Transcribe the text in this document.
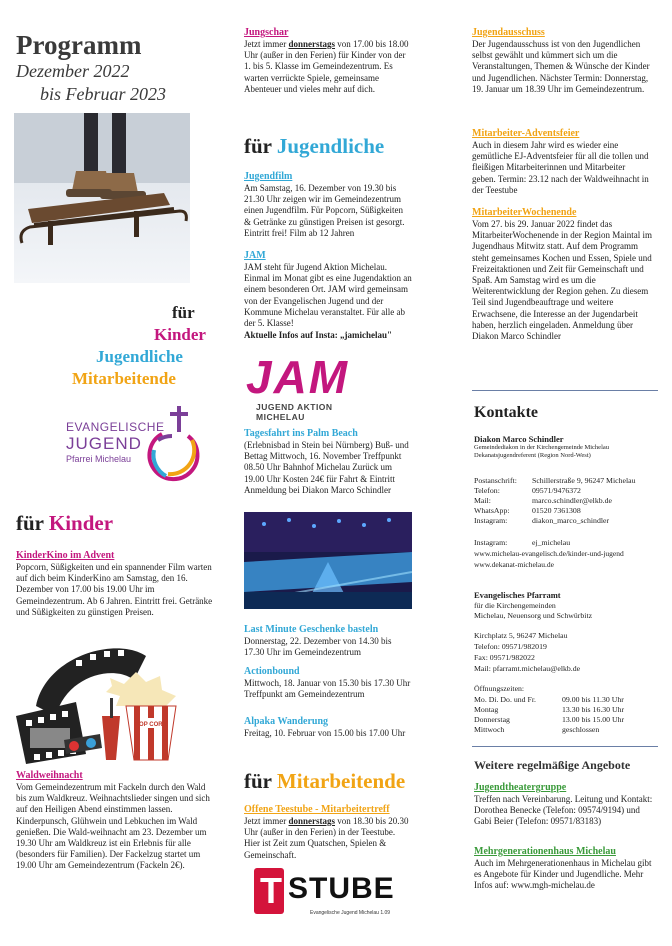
Programm
Dezember 2022
bis Februar 2023
für
Kinder
Jugendliche
Mitarbeitende
EVANGELISCHE
JUGEND
Pfarrei Michelau
für Kinder
KinderKino im Advent
Popcorn, Süßigkeiten und ein spannender Film warten auf dich beim KinderKino am Samstag, den 16. Dezember von 17.00 bis 19.00 Uhr im Gemeindezentrum. Ab 6 Jahren. Eintritt frei. Getränke und Süßigkeiten zu günstigen Preisen.
POP CORN
Waldweihnacht
Vom Gemeindezentrum mit Fackeln durch den Wald bis zum Waldkreuz. Weihnachtslieder singen und sich auf den Heiligen Abend einstimmen lassen. Kinderpunsch, Glühwein und Lebkuchen im Wald genießen. Die Wald-weihnacht am 23. Dezember um 19.30 Uhr am Waldkreuz ist ein Erlebnis für alle (besonders für Familien). Der Fackelzug startet um 19.00 Uhr am Gemeindezentrum (Fackeln 2€).
Jungschar
Jetzt immer donnerstags von 17.00 bis 18.00 Uhr (außer in den Ferien) für Kinder von der 1. bis 5. Klasse im Gemeindezentrum. Es warten verrückte Spiele, gemeinsame Abenteuer und vieles mehr auf dich.
für Jugendliche
Jugendfilm
Am Samstag, 16. Dezember von 19.30 bis 21.30 Uhr zeigen wir im Gemeindezentrum einen Jugendfilm. Für Popcorn, Süßigkeiten & Getränke zu günstigen Preisen ist gesorgt. Eintritt frei! Film ab 12 Jahren
JAM
JAM steht für Jugend Aktion Michelau. Einmal im Monat gibt es eine Jugendaktion an einem besonderen Ort. JAM wird gemeinsam von der Evangelischen Jugend und der Kommune Michelau veranstaltet. Für alle ab der 5. Klasse!
Aktuelle Infos auf Insta: „jamichelau"
JAM
JUGEND AKTION MICHELAU
Tagesfahrt ins Palm Beach
(Erlebnisbad in Stein bei Nürnberg) Buß- und Bettag Mittwoch, 16. November Treffpunkt 08.50 Uhr Bahnhof Michelau Zurück um 19.00 Uhr Kosten 24€ für Fahrt & Eintritt Anmeldung bei Diakon Marco Schindler
Last Minute Geschenke basteln
Donnerstag, 22. Dezember von 14.30 bis 17.30 Uhr im Gemeindezentrum
Actionbound
Mittwoch, 18. Januar von 15.30 bis 17.30 Uhr Treffpunkt am Gemeindezentrum
Alpaka Wanderung
Freitag, 10. Februar von 15.00 bis 17.00 Uhr
für Mitarbeitende
Offene Teestube - Mitarbeitertreff
Jetzt immer donnerstags von 18.30 bis 20.30 Uhr (außer in den Ferien) in der Teestube. Hier ist Zeit zum Quatschen, Spielen & Gemeinschaft.
T STUBE
Evangelische Jugend Michelau 1.09
Jugendausschuss
Der Jugendausschuss ist von den Jugendlichen selbst gewählt und kümmert sich um die Veranstaltungen, Themen & Wünsche der Kinder und Jugendlichen. Nächster Termin: Donnerstag, 19. Januar um 18.39 Uhr im Gemeindezentrum.
Mitarbeiter-Adventsfeier
Auch in diesem Jahr wird es wieder eine gemütliche EJ-Adventsfeier für all die tollen und fleißigen Mitarbeiterinnen und Mitarbeiter geben. Termin: 23.12 nach der Waldweihnacht in der Teestube
MitarbeiterWochenende
Vom 27. bis 29. Januar 2022 findet das MitarbeiterWochenende in der Region Maintal im Jugendhaus Mitwitz statt. Auf dem Programm steht gemeinsames Kochen und Essen, Spiele und Freizeitaktionen und Zeit für Gemeinschaft und Spaß. Am Samstag wird es um die Weiterentwicklung der Region gehen. Zu diesem Teil sind Jugendbeauftrage und weitere Erwachsene, die Interesse an der Jugendarbeit haben, herzlich eingeladen. Anmeldung über Diakon Marco Schindler
Kontakte
Diakon Marco Schindler
Gemeindediakon in der Kirchengemeinde Michelau
Dekanatsjugendreferent (Region Nord-West)
Postanschrift:	Schillerstraße 9, 96247 Michelau
Telefon:	09571/9476372
Mail:	marco.schindler@elkb.de
WhatsApp:	01520 7361308
Instagram:	diakon_marco_schindler
Instagram:	ej_michelau
www.michelau-evangelisch.de/kinder-und-jugend
www.dekanat-michelau.de
Evangelisches Pfarramt
für die Kirchengemeinden
Michelau, Neuensorg und Schwürbitz
Kirchplatz 5, 96247 Michelau
Telefon: 09571/982019
Fax: 09571/982022
Mail: pfarramt.michelau@elkb.de
Öffnungszeiten:
Mo. Di. Do. und Fr.	09.00 bis 11.30 Uhr
Montag	13.30 bis 16.30 Uhr
Donnerstag	13.00 bis 15.00 Uhr
Mittwoch	geschlossen
Weitere regelmäßige Angebote
Jugendtheatergruppe
Treffen nach Vereinbarung. Leitung und Kontakt: Dorothea Benecke (Telefon: 09574/9194) und Gabi Beier (Telefon: 09571/83183)
Mehrgenerationenhaus Michelau
Auch im Mehrgenerationenhaus in Michelau gibt es Angebote für Kinder und Jugendliche. Mehr Infos auf: www.mgh-michelau.de
